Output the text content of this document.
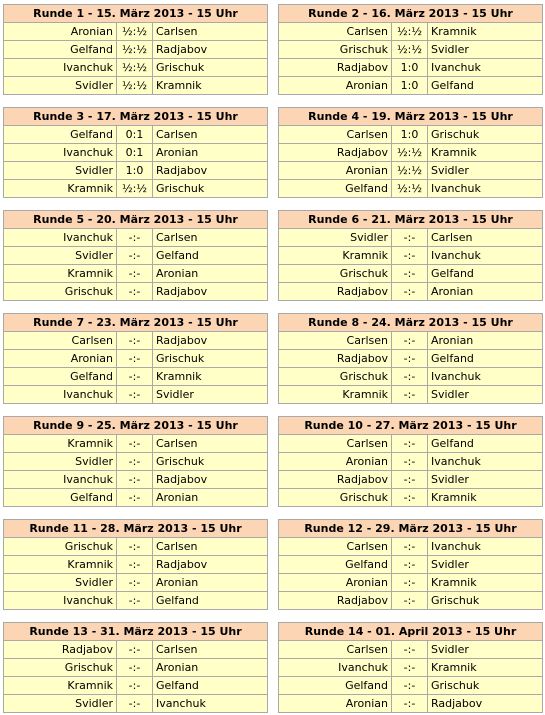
Runde 1 - 15. März 2013 - 15 Uhr		
Aronian	½:½	Carlsen
Gelfand	½:½	Radjabov
Ivanchuk	½:½	Grischuk
Svidler	½:½	Kramnik
Runde 2 - 16. März 2013 - 15 Uhr		
Carlsen	½:½	Kramnik
Grischuk	½:½	Svidler
Radjabov	1:0	Ivanchuk
Aronian	1:0	Gelfand
Runde 3 - 17. März 2013 - 15 Uhr		
Gelfand	0:1	Carlsen
Ivanchuk	0:1	Aronian
Svidler	1:0	Radjabov
Kramnik	½:½	Grischuk
Runde 4 - 19. März 2013 - 15 Uhr		
Carlsen	1:0	Grischuk
Radjabov	½:½	Kramnik
Aronian	½:½	Svidler
Gelfand	½:½	Ivanchuk
Runde 5 - 20. März 2013 - 15 Uhr		
Ivanchuk	-:-	Carlsen
Svidler	-:-	Gelfand
Kramnik	-:-	Aronian
Grischuk	-:-	Radjabov
Runde 6 - 21. März 2013 - 15 Uhr		
Svidler	-:-	Carlsen
Kramnik	-:-	Ivanchuk
Grischuk	-:-	Gelfand
Radjabov	-:-	Aronian
Runde 7 - 23. März 2013 - 15 Uhr		
Carlsen	-:-	Radjabov
Aronian	-:-	Grischuk
Gelfand	-:-	Kramnik
Ivanchuk	-:-	Svidler
Runde 8 - 24. März 2013 - 15 Uhr		
Carlsen	-:-	Aronian
Radjabov	-:-	Gelfand
Grischuk	-:-	Ivanchuk
Kramnik	-:-	Svidler
Runde 9 - 25. März 2013 - 15 Uhr		
Kramnik	-:-	Carlsen
Svidler	-:-	Grischuk
Ivanchuk	-:-	Radjabov
Gelfand	-:-	Aronian
Runde 10 - 27. März 2013 - 15 Uhr		
Carlsen	-:-	Gelfand
Aronian	-:-	Ivanchuk
Radjabov	-:-	Svidler
Grischuk	-:-	Kramnik
Runde 11 - 28. März 2013 - 15 Uhr		
Grischuk	-:-	Carlsen
Kramnik	-:-	Radjabov
Svidler	-:-	Aronian
Ivanchuk	-:-	Gelfand
Runde 12 - 29. März 2013 - 15 Uhr		
Carlsen	-:-	Ivanchuk
Gelfand	-:-	Svidler
Aronian	-:-	Kramnik
Radjabov	-:-	Grischuk
Runde 13 - 31. März 2013 - 15 Uhr		
Radjabov	-:-	Carlsen
Grischuk	-:-	Aronian
Kramnik	-:-	Gelfand
Svidler	-:-	Ivanchuk
Runde 14 - 01. April 2013 - 15 Uhr		
Carlsen	-:-	Svidler
Ivanchuk	-:-	Kramnik
Gelfand	-:-	Grischuk
Aronian	-:-	Radjabov
